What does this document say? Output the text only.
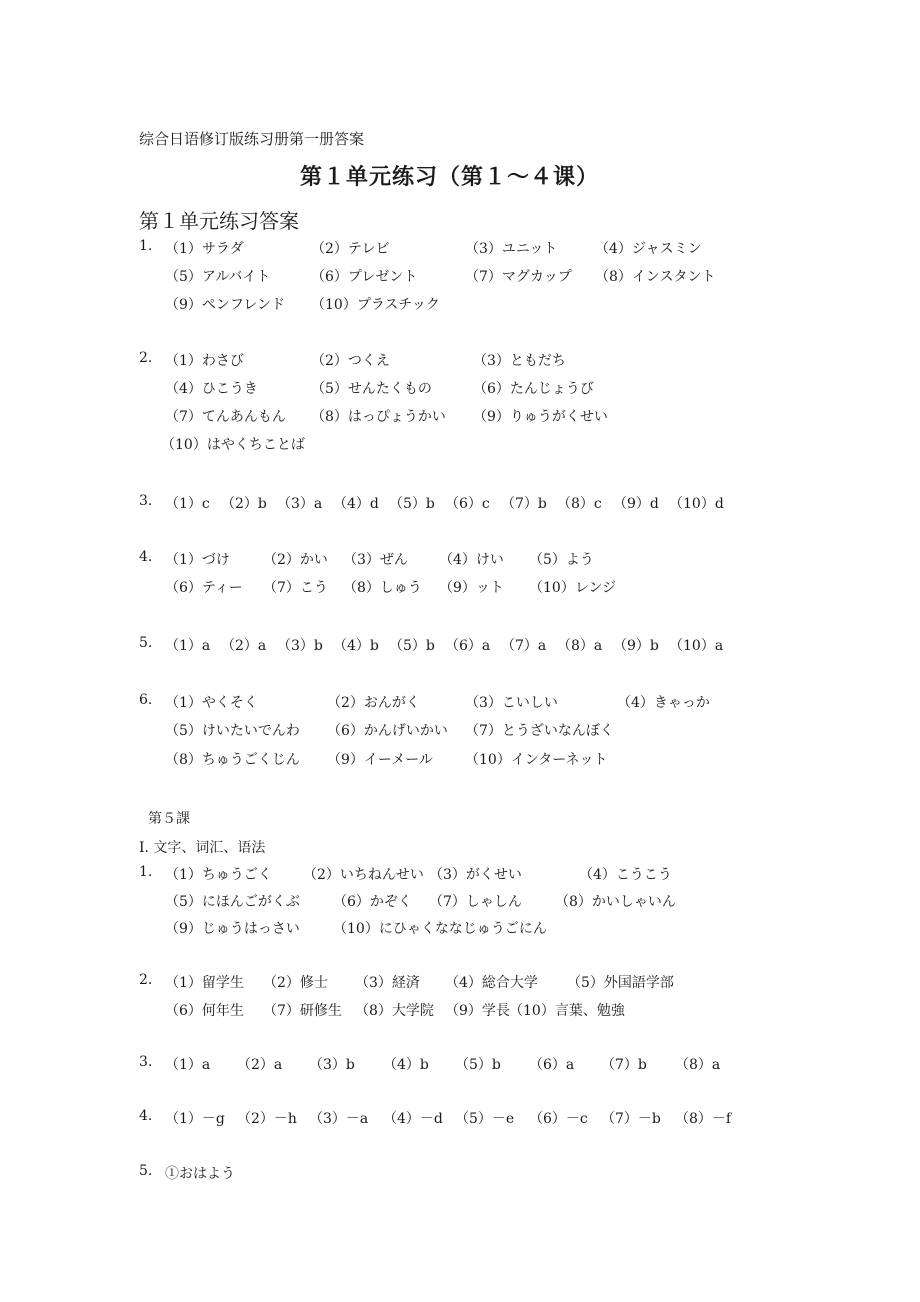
综合日语修订版练习册第一册答案
第１单元练习（第１～４课）
第１单元练习答案
1. （1）サラダ	（2）テレビ	（3）ユニット	（4）ジャスミン
（5）アルバイト	（6）プレゼント	（7）マグカップ （8）インスタント
（9）ペンフレンド （10）プラスチック
2. （1）わさび	（2）つくえ	（3）ともだち
（4）ひこうき	（5）せんたくもの	（6）たんじょうび
（7）てんあんもん （8）はっぴょうかい （9）りゅうがくせい
（10）はやくちことば
3. （1）c （2）b （3）a （4）d （5）b （6）c （7）b （8）c （9）d （10）d
4. （1）づけ （2）かい （3）ぜん （4）けい （5）よう
（6）ティー （7）こう （8）しゅう （9）ット （10）レンジ
5. （1）a （2）a （3）b （4）b （5）b （6）a （7）a （8）a （9）b （10）a
6. （1）やくそく	（2）おんがく	（3）こいしい	（4）きゃっか
（5）けいたいでんわ （6）かんげいかい （7）とうざいなんぼく
（8）ちゅうごくじん （9）イーメール （10）インターネット
第５課
I. 文字、词汇、语法
1. （1）ちゅうごく （2）いちねんせい （3）がくせい	（4）こうこう
（5）にほんごがくぶ （6）かぞく （7）しゃしん （8）かいしゃいん
（9）じゅうはっさい （10）にひゃくななじゅうごにん
2. （1）留学生 （2）修士 （3）経済 （4）総合大学 （5）外国語学部
（6）何年生 （7）研修生 （8）大学院 （9）学長 （10）言葉、勉強
3. （1）a （2）a （3）b （4）b （5）b （6）a （7）b （8）a
4. （1）－g （2）－h （3）－a （4）－d （5）－e （6）－c （7）－b （8）－f
5. ①おはよう
